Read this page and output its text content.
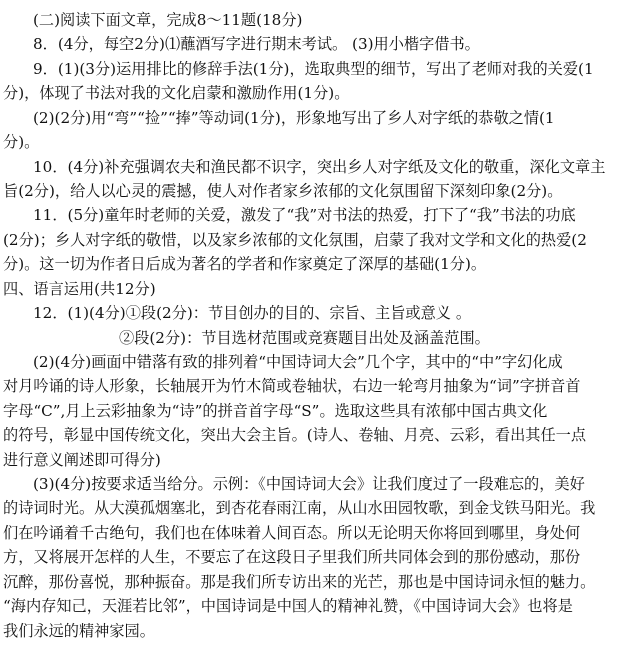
(二)阅读下面文章，完成8～11题(18分)
8．(4分，每空2分)⑴蘸酒写字进行期末考试。 (3)用小楷字借书。
9．(1)(3分)运用排比的修辞手法(1分)，选取典型的细节，写出了老师对我的关爱(1
分)，体现了书法对我的文化启蒙和激励作用(1分)。
(2)(2分)用“弯”“捡”“捧”等动词(1分)，形象地写出了乡人对字纸的恭敬之情(1
分)。
10．(4分)补充强调农夫和渔民都不识字，突出乡人对字纸及文化的敬重，深化文章主
旨(2分)，给人以心灵的震撼，使人对作者家乡浓郁的文化氛围留下深刻印象(2分)。
11．(5分)童年时老师的关爱，激发了“我”对书法的热爱，打下了“我”书法的功底
(2分)；乡人对字纸的敬惜，以及家乡浓郁的文化氛围，启蒙了我对文学和文化的热爱(2
分)。这一切为作者日后成为著名的学者和作家奠定了深厚的基础(1分)。
四、语言运用(共12分)
12．(1)(4分)①段(2分)：节目创办的目的、宗旨、主旨或意义 。
②段(2分)：节目选材范围或竞赛题目出处及涵盖范围。
(2)(4分)画面中错落有致的排列着“中国诗词大会”几个字，其中的“中”字幻化成
对月吟诵的诗人形象，长轴展开为竹木简或卷轴状，右边一轮弯月抽象为“词”字拼音首
字母“C”,月上云彩抽象为“诗”的拼音首字母“S”。选取这些具有浓郁中国古典文化
的符号，彰显中国传统文化，突出大会主旨。(诗人、卷轴、月亮、云彩，看出其任一点
进行意义阐述即可得分)
(3)(4分)按要求适当给分。示例：《中国诗词大会》让我们度过了一段难忘的，美好
的诗词时光。从大漠孤烟塞北，到杏花春雨江南，从山水田园牧歌，到金戈铁马阳光。我
们在吟诵着千古绝句，我们也在体味着人间百态。所以无论明天你将回到哪里，身处何
方，又将展开怎样的人生，不要忘了在这段日子里我们所共同体会到的那份感动，那份
沉醉，那份喜悦，那种振奋。那是我们所专访出来的光芒，那也是中国诗词永恒的魅力。
“海内存知己，天涯若比邻”，中国诗词是中国人的精神礼赞，《中国诗词大会》也将是
我们永远的精神家园。
